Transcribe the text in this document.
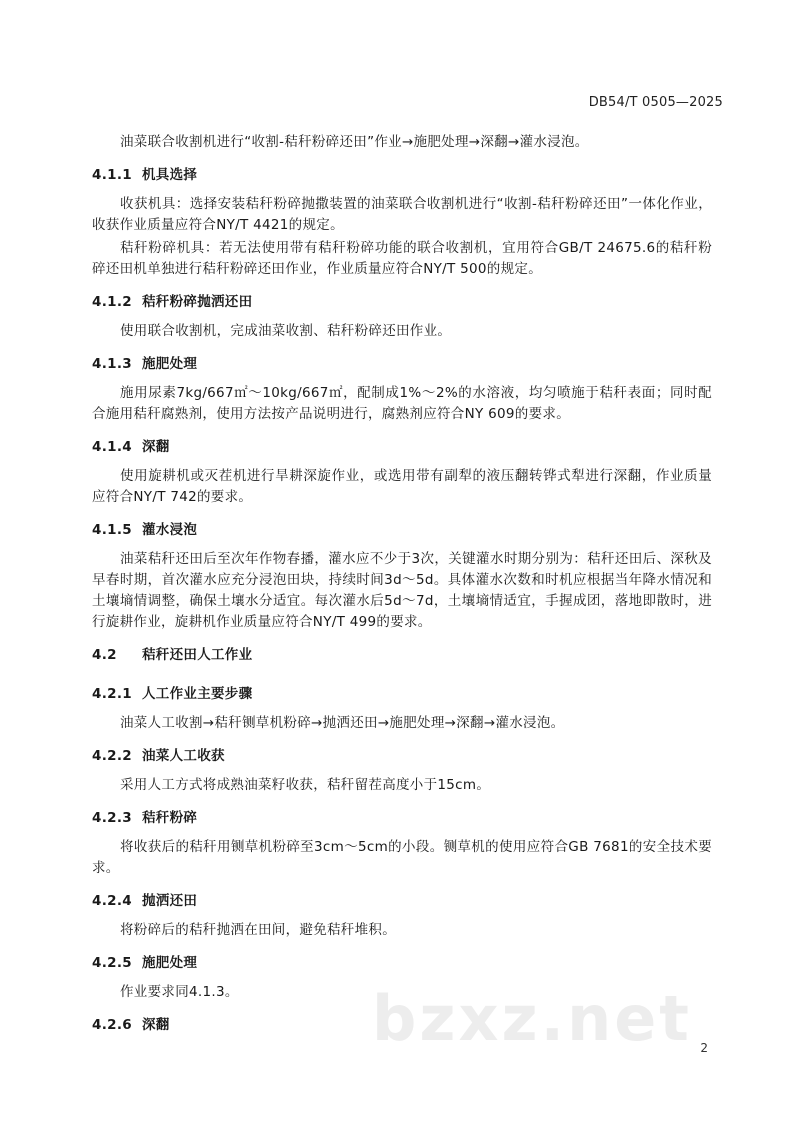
DB54/T 0505—2025

油菜联合收割机进行“收割-秸秆粉碎还田”作业→施肥处理→深翻→灌水浸泡。

4.1.1 机具选择

收获机具：选择安装秸秆粉碎抛撒装置的油菜联合收割机进行“收割-秸秆粉碎还田”一体化作业，收获作业质量应符合NY/T 4421的规定。

秸秆粉碎机具：若无法使用带有秸秆粉碎功能的联合收割机，宜用符合GB/T 24675.6的秸秆粉碎还田机单独进行秸秆粉碎还田作业，作业质量应符合NY/T 500的规定。

4.1.2 秸秆粉碎抛洒还田

使用联合收割机，完成油菜收割、秸秆粉碎还田作业。

4.1.3 施肥处理

施用尿素7kg/667㎡～10kg/667㎡，配制成1%～2%的水溶液，均匀喷施于秸秆表面；同时配合施用秸秆腐熟剂，使用方法按产品说明进行，腐熟剂应符合NY 609的要求。

4.1.4 深翻

使用旋耕机或灭茬机进行旱耕深旋作业，或选用带有副犁的液压翻转铧式犁进行深翻，作业质量应符合NY/T 742的要求。

4.1.5 灌水浸泡

油菜秸秆还田后至次年作物春播，灌水应不少于3次，关键灌水时期分别为：秸秆还田后、深秋及早春时期，首次灌水应充分浸泡田块，持续时间3d～5d。具体灌水次数和时机应根据当年降水情况和土壤墒情调整，确保土壤水分适宜。每次灌水后5d～7d，土壤墒情适宜，手握成团，落地即散时，进行旋耕作业，旋耕机作业质量应符合NY/T 499的要求。

4.2	秸秆还田人工作业
4.2.1 人工作业主要步骤

油菜人工收割→秸秆铡草机粉碎→抛洒还田→施肥处理→深翻→灌水浸泡。

4.2.2 油菜人工收获

采用人工方式将成熟油菜籽收获，秸秆留茬高度小于15cm。

4.2.3 秸秆粉碎

将收获后的秸秆用铡草机粉碎至3cm～5cm的小段。铡草机的使用应符合GB 7681的安全技术要求。

4.2.4 抛洒还田

将粉碎后的秸秆抛洒在田间，避免秸秆堆积。

4.2.5 施肥处理

作业要求同4.1.3。

4.2.6 深翻
2
bzxz.net
